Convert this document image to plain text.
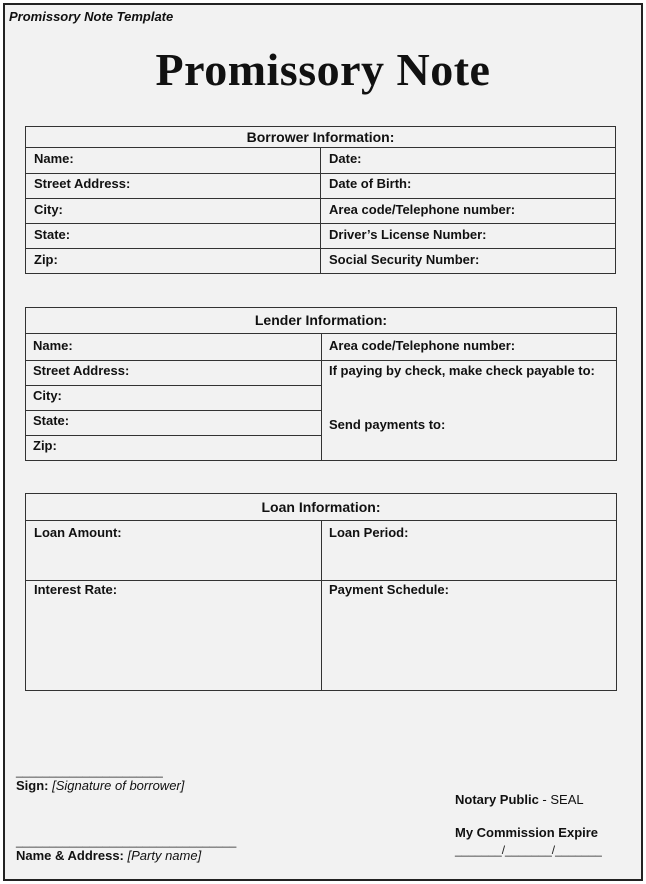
Promissory Note Template
Promissory Note
Borrower Information:
Name:
Street Address:
City:
State:
Zip:
Date:
Date of Birth:
Area code/Telephone number:
Driver’s License Number:
Social Security Number:
Lender Information:
Name:
Street Address:
City:
State:
Zip:
Area code/Telephone number:
If paying by check, make check payable to:
Send payments to:
Loan Information:
Loan Amount:	Loan Period:
Interest Rate:	Payment Schedule:
______________________
Sign: [Signature of borrower]
_________________________________
Name & Address: [Party name]
Notary Public - SEAL
My Commission Expire
_______/_______/_______
